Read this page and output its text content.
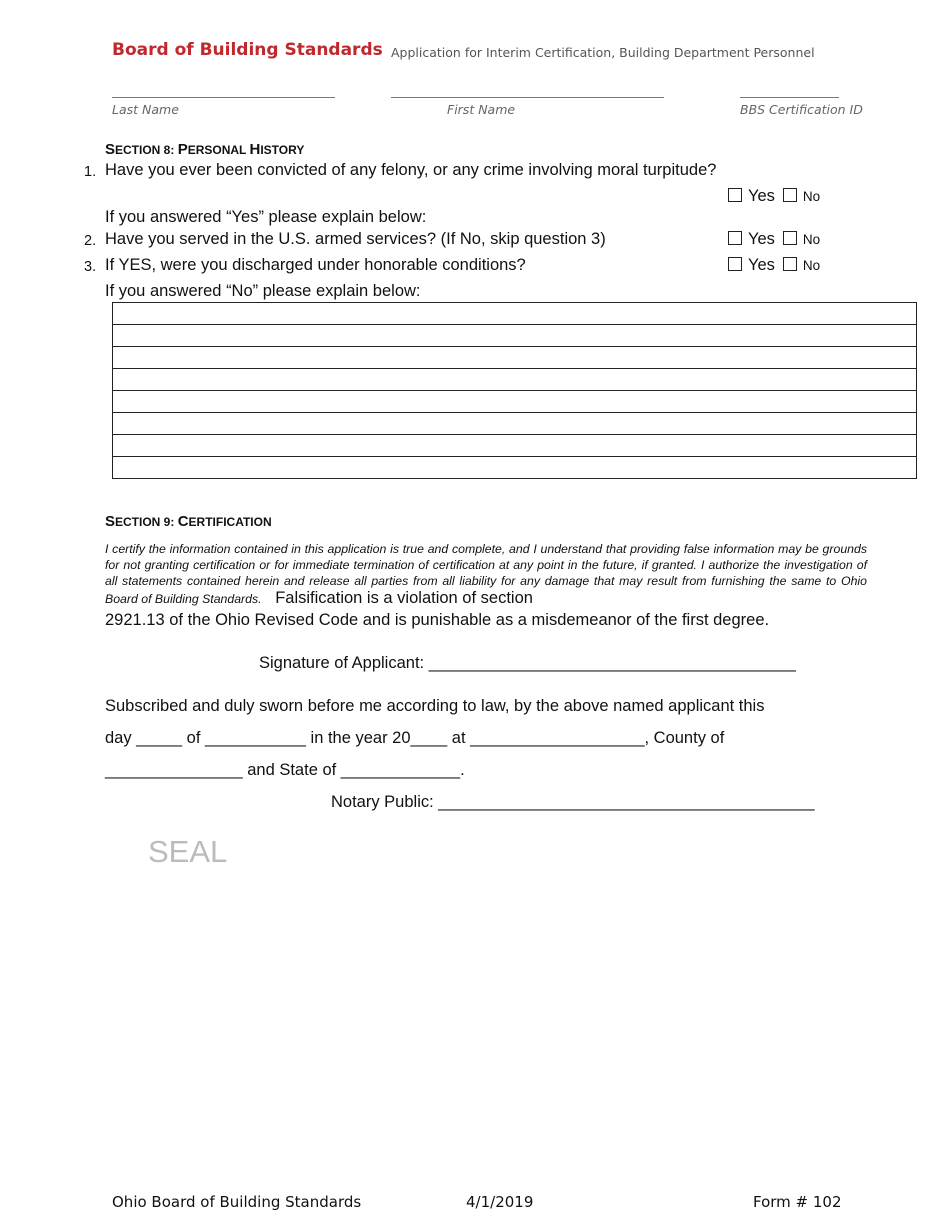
Board of Building Standards Application for Interim Certification, Building Department Personnel
Last Name	First Name	BBS Certification ID
SECTION 8: PERSONAL HISTORY
1. Have you ever been convicted of any felony, or any crime involving moral turpitude?
Yes No
If you answered “Yes” please explain below:
2. Have you served in the U.S. armed services? (If No, skip question 3)	Yes No
3. If YES, were you discharged under honorable conditions?	Yes No
If you answered “No” please explain below:

SECTION 9: CERTIFICATION
I certify the information contained in this application is true and complete, and I understand that providing false information may be grounds for not granting certification or for immediate termination of certification at any point in the future, if granted. I authorize the investigation of all statements contained herein and release all parties from all liability for any damage that may result from furnishing the same to Ohio Board of Building Standards. Falsification is a violation of section
2921.13 of the Ohio Revised Code and is punishable as a misdemeanor of the first degree.
Signature of Applicant: ________________________________________
Subscribed and duly sworn before me according to law, by the above named applicant this
day _____ of ___________ in the year 20____ at ___________________, County of
_______________ and State of _____________.
Notary Public: _________________________________________
SEAL
Ohio Board of Building Standards	4/1/2019	Form # 102
